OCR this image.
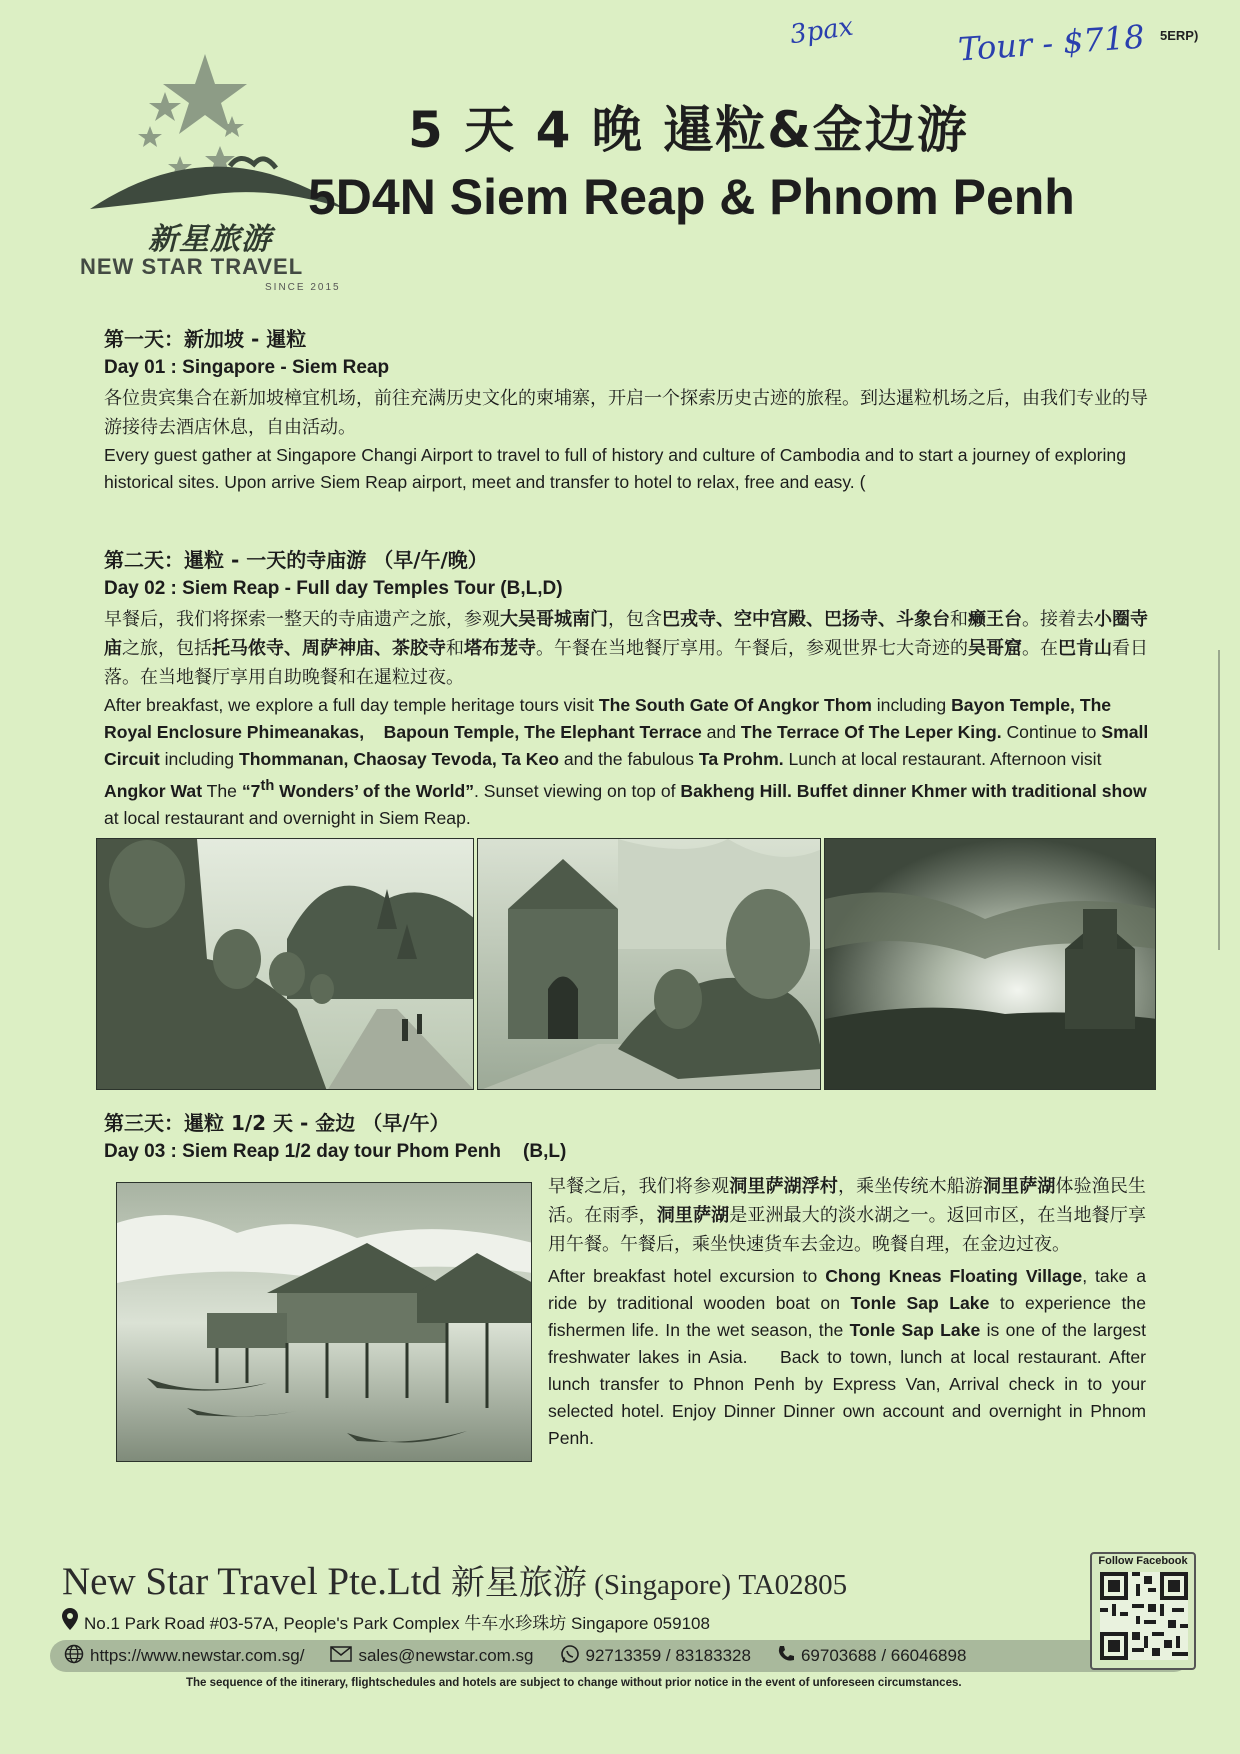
3pax	Tour - $718 5ERP)
新星旅游
NEW STAR TRAVEL
SINCE 2015
5 天 4 晚 暹粒&金边游
5D4N Siem Reap & Phnom Penh
第一天：新加坡 - 暹粒
Day 01 : Singapore - Siem Reap
各位贵宾集合在新加坡樟宜机场，前往充满历史文化的柬埔寨，开启一个探索历史古迹的旅程。到达暹粒机场之后，由我们专业的导游接待去酒店休息，自由活动。
Every guest gather at Singapore Changi Airport to travel to full of history and culture of Cambodia and to start a journey of exploring historical sites. Upon arrive Siem Reap airport, meet and transfer to hotel to relax, free and easy. (
第二天：暹粒 - 一天的寺庙游 （早/午/晚）
Day 02 : Siem Reap - Full day Temples Tour (B,L,D)
早餐后，我们将探索一整天的寺庙遗产之旅，参观大吴哥城南门，包含巴戎寺、空中宫殿、巴扬寺、斗象台和癞王台。接着去小圈寺庙之旅，包括托马侬寺、周萨神庙、茶胶寺和塔布茏寺。午餐在当地餐厅享用。午餐后，参观世界七大奇迹的吴哥窟。在巴肯山看日落。在当地餐厅享用自助晚餐和在暹粒过夜。
After breakfast, we explore a full day temple heritage tours visit The South Gate Of Angkor Thom including Bayon Temple, The Royal Enclosure Phimeanakas, Bapoun Temple, The Elephant Terrace and The Terrace Of The Leper King. Continue to Small Circuit including Thommanan, Chaosay Tevoda, Ta Keo and the fabulous Ta Prohm. Lunch at local restaurant. Afternoon visit Angkor Wat The “7th Wonders’ of the World”. Sunset viewing on top of Bakheng Hill. Buffet dinner Khmer with traditional show at local restaurant and overnight in Siem Reap.
第三天：暹粒 1/2 天 - 金边 （早/午）
Day 03 : Siem Reap 1/2 day tour Phom Penh (B,L)
早餐之后，我们将参观洞里萨湖浮村，乘坐传统木船游洞里萨湖体验渔民生活。在雨季，洞里萨湖是亚洲最大的淡水湖之一。返回市区，在当地餐厅享用午餐。午餐后，乘坐快速货车去金边。晚餐自理，在金边过夜。
After breakfast hotel excursion to Chong Kneas Floating Village, take a ride by traditional wooden boat on Tonle Sap Lake to experience the fishermen life. In the wet season, the Tonle Sap Lake is one of the largest freshwater lakes in Asia.    Back to town, lunch at local restaurant. After lunch transfer to Phnon Penh by Express Van, Arrival check in to your selected hotel. Enjoy Dinner Dinner own account and overnight in Phnom Penh.
New Star Travel Pte.Ltd 新星旅游 (Singapore) TA02805
No.1 Park Road #03-57A, People's Park Complex 牛车水珍珠坊 Singapore 059108
https://www.newstar.com.sg/	sales@newstar.com.sg	92713359 / 83183328	69703688 / 66046898
Follow Facebook
The sequence of the itinerary, flightschedules and hotels are subject to change without prior notice in the event of unforeseen circumstances.
